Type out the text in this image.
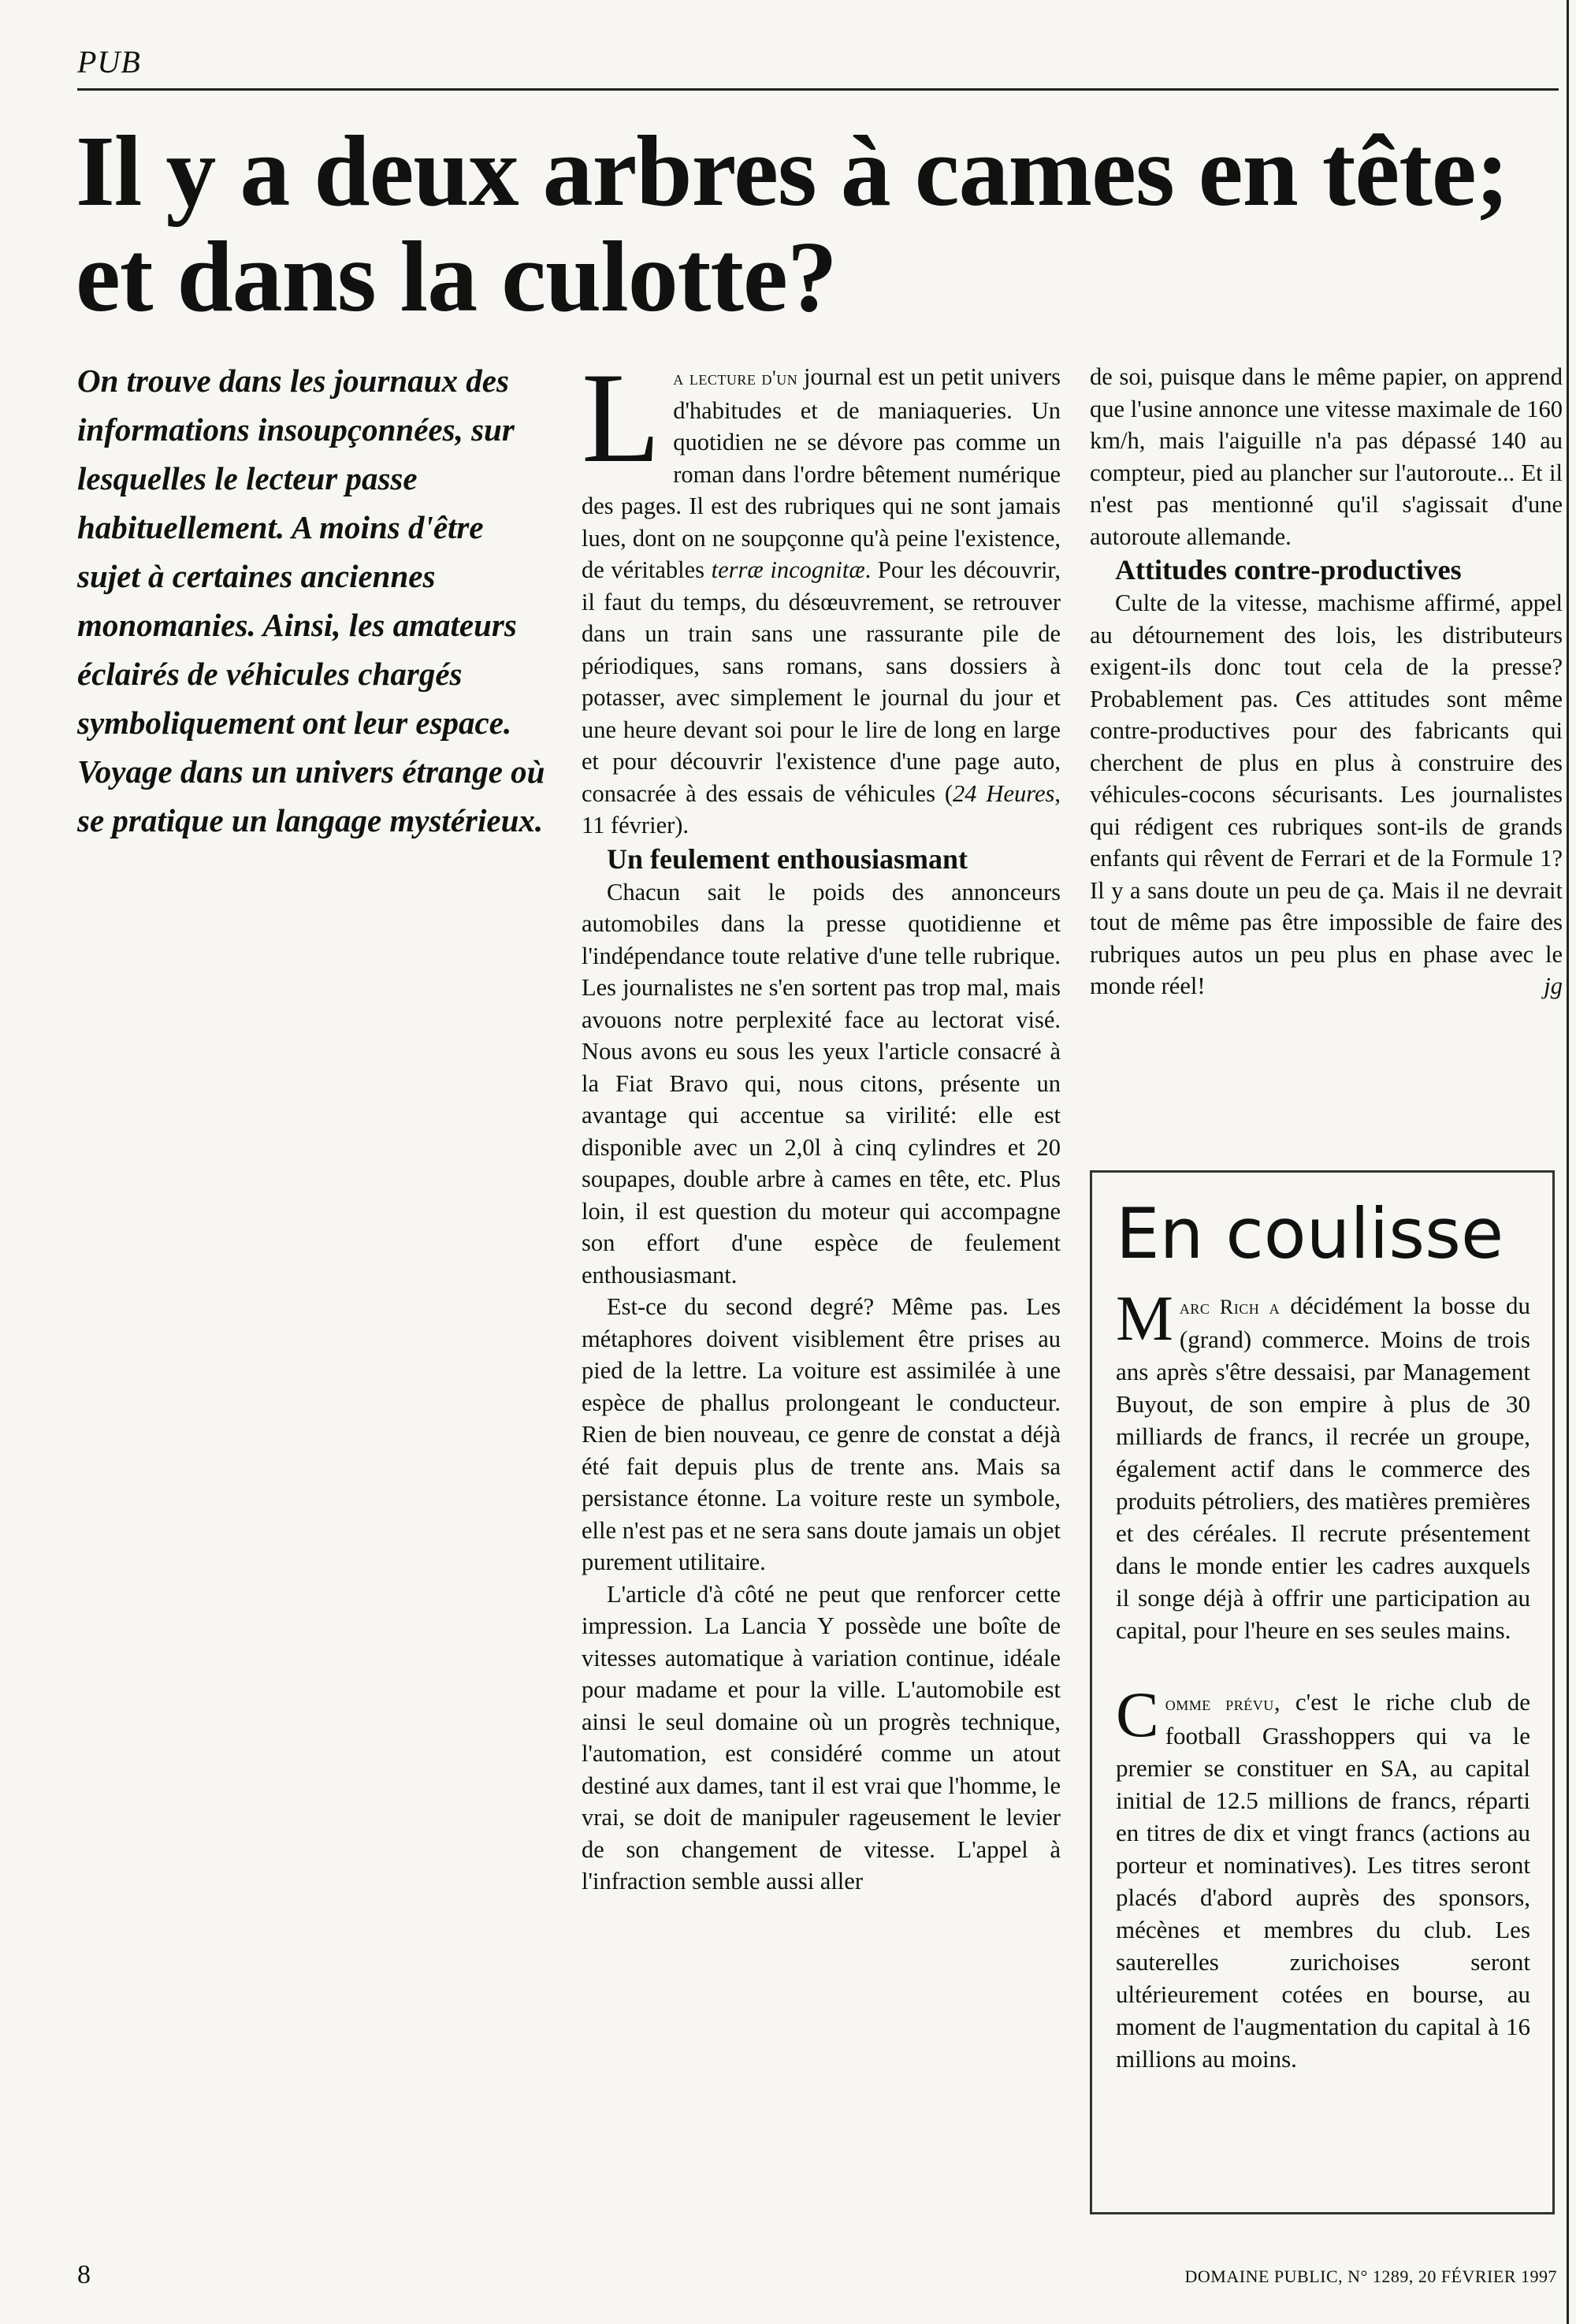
PUB
Il y a deux arbres à cames en tête;
et dans la culotte?

On trouve dans les journaux des informations insoupçonnées, sur lesquelles le lecteur passe habituellement. A moins d'être sujet à certaines anciennes monomanies. Ainsi, les amateurs éclairés de véhicules chargés symboliquement ont leur espace.

Voyage dans un univers étrange où se pratique un langage mystérieux.

La lecture d'un journal est un petit univers d'habitudes et de maniaqueries. Un quotidien ne se dévore pas comme un roman dans l'ordre bêtement numérique des pages. Il est des rubriques qui ne sont jamais lues, dont on ne soupçonne qu'à peine l'existence, de véritables terræ incognitæ. Pour les découvrir, il faut du temps, du désœuvrement, se retrouver dans un train sans une rassurante pile de périodiques, sans romans, sans dossiers à potasser, avec simplement le journal du jour et une heure devant soi pour le lire de long en large et pour découvrir l'existence d'une page auto, consacrée à des essais de véhicules (24 Heures, 11 février).

Un feulement enthousiasmant

Chacun sait le poids des annonceurs automobiles dans la presse quotidienne et l'indépendance toute relative d'une telle rubrique. Les journalistes ne s'en sortent pas trop mal, mais avouons notre perplexité face au lectorat visé. Nous avons eu sous les yeux l'article consacré à la Fiat Bravo qui, nous citons, présente un avantage qui accentue sa virilité: elle est disponible avec un 2,0l à cinq cylindres et 20 soupapes, double arbre à cames en tête, etc. Plus loin, il est question du moteur qui accompagne son effort d'une espèce de feulement enthousiasmant.

Est-ce du second degré? Même pas. Les métaphores doivent visiblement être prises au pied de la lettre. La voiture est assimilée à une espèce de phallus prolongeant le conducteur. Rien de bien nouveau, ce genre de constat a déjà été fait depuis plus de trente ans. Mais sa persistance étonne. La voiture reste un symbole, elle n'est pas et ne sera sans doute jamais un objet purement utilitaire.

L'article d'à côté ne peut que renforcer cette impression. La Lancia Y possède une boîte de vitesses automatique à variation continue, idéale pour madame et pour la ville. L'automobile est ainsi le seul domaine où un progrès technique, l'automation, est considéré comme un atout destiné aux dames, tant il est vrai que l'homme, le vrai, se doit de manipuler rageusement le levier de son changement de vitesse. L'appel à l'infraction semble aussi aller

de soi, puisque dans le même papier, on apprend que l'usine annonce une vitesse maximale de 160 km/h, mais l'aiguille n'a pas dépassé 140 au compteur, pied au plancher sur l'autoroute... Et il n'est pas mentionné qu'il s'agissait d'une autoroute allemande.

Attitudes contre-productives

Culte de la vitesse, machisme affirmé, appel au détournement des lois, les distributeurs exigent-ils donc tout cela de la presse? Probablement pas. Ces attitudes sont même contre-productives pour des fabricants qui cherchent de plus en plus à construire des véhicules-cocons sécurisants. Les journalistes qui rédigent ces rubriques sont-ils de grands enfants qui rêvent de Ferrari et de la Formule 1? Il y a sans doute un peu de ça. Mais il ne devrait tout de même pas être impossible de faire des rubriques autos un peu plus en phase avec le monde réel!	jg

En coulisse

Marc Rich a décidément la bosse du (grand) commerce. Moins de trois ans après s'être dessaisi, par Management Buyout, de son empire à plus de 30 milliards de francs, il recrée un groupe, également actif dans le commerce des produits pétroliers, des matières premières et des céréales. Il recrute présentement dans le monde entier les cadres auxquels il songe déjà à offrir une participation au capital, pour l'heure en ses seules mains.

Comme prévu, c'est le riche club de football Grasshoppers qui va le premier se constituer en SA, au capital initial de 12.5 millions de francs, réparti en titres de dix et vingt francs (actions au porteur et nominatives). Les titres seront placés d'abord auprès des sponsors, mécènes et membres du club. Les sauterelles zurichoises seront ultérieurement cotées en bourse, au moment de l'augmentation du capital à 16 millions au moins.

8	DOMAINE PUBLIC, N° 1289, 20 FÉVRIER 1997
